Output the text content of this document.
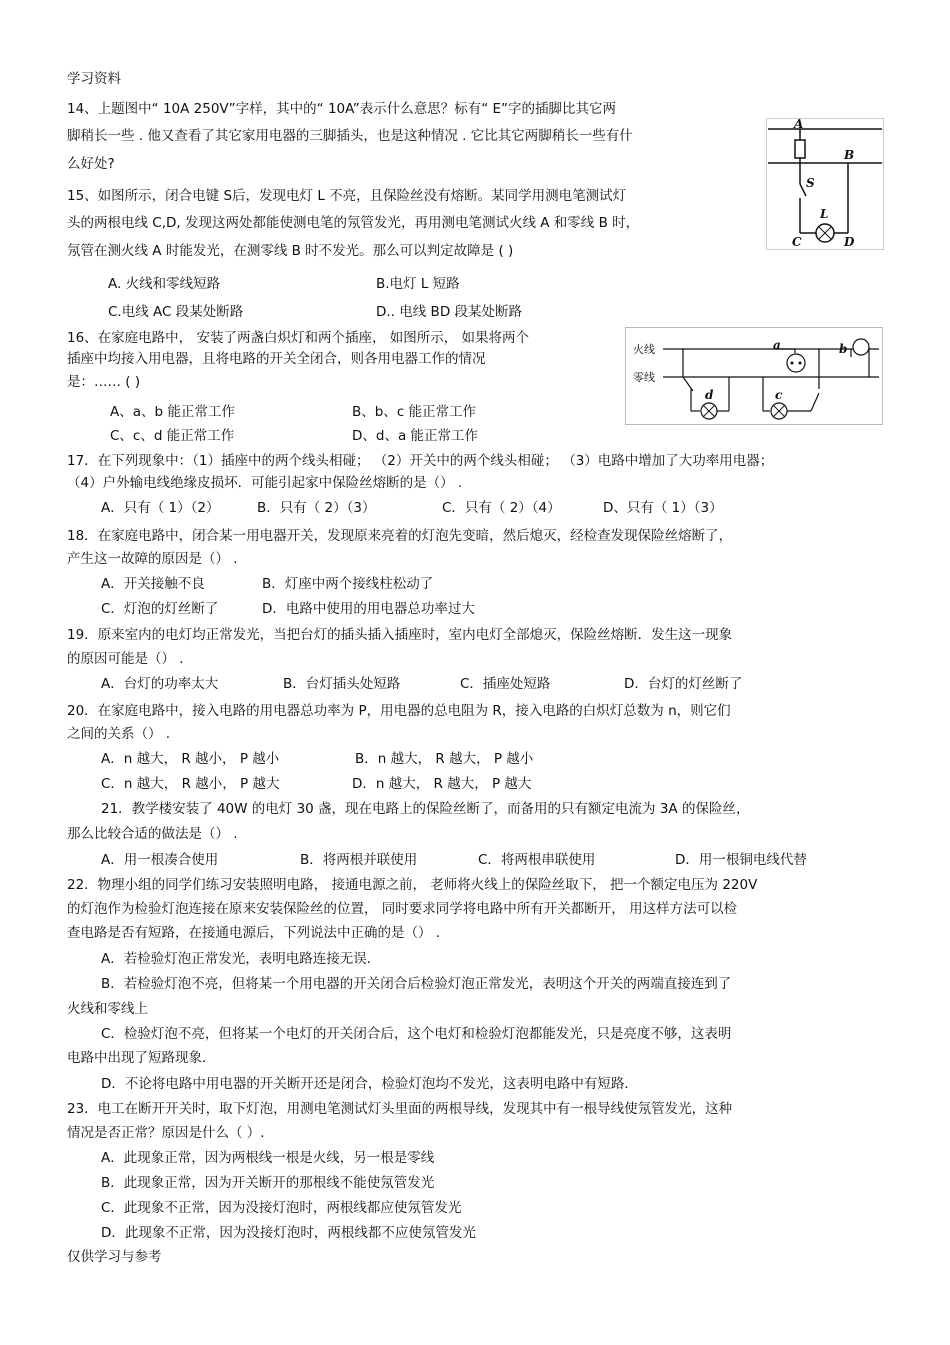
学习资料
14、上题图中“ 10A 250V”字样，其中的“ 10A”表示什么意思？标有“ E”字的插脚比其它两
脚稍长一些 . 他又查看了其它家用电器的三脚插头，也是这种情况 . 它比其它两脚稍长一些有什
么好处?
15、如图所示，闭合电键 S后，发现电灯 L 不亮，且保险丝没有熔断。某同学用测电笔测试灯
头的两根电线 C,D, 发现这两处都能使测电笔的氖管发光，再用测电笔测试火线 A 和零线 B 时，
氖管在测火线 A 时能发光，在测零线 B 时不发光。那么可以判定故障是 ( )
A. 火线和零线短路	B.电灯 L 短路
C.电线 AC 段某处断路	D.. 电线 BD 段某处断路
A
B
S
L
C	D
16、在家庭电路中， 安装了两盏白炽灯和两个插座， 如图所示， 如果将两个
插座中均接入用电器，且将电路的开关全闭合，则各用电器工作的情况
是：…… ( )
A、a、b 能正常工作	B、b、c 能正常工作
C、c、d 能正常工作	D、d、a 能正常工作
火线
零线
d
a
c
b
17．在下列现象中：（1）插座中的两个线头相碰； （2）开关中的两个线头相碰； （3）电路中增加了大功率用电器；
（4）户外输电线绝缘皮损坏．可能引起家中保险丝熔断的是（） .
A．只有（ 1）（2）	B．只有（ 2）（3）	C．只有（ 2）（4）	D、只有（ 1）（3）
18．在家庭电路中，闭合某一用电器开关，发现原来亮着的灯泡先变暗，然后熄灭，经检查发现保险丝熔断了，
产生这一故障的原因是（） .
A．开关接触不良	B．灯座中两个接线柱松动了
C．灯泡的灯丝断了	D．电路中使用的用电器总功率过大
19．原来室内的电灯均正常发光，当把台灯的插头插入插座时，室内电灯全部熄灭，保险丝熔断．发生这一现象
的原因可能是（） .
A．台灯的功率太大	B．台灯插头处短路	C．插座处短路	D．台灯的灯丝断了
20．在家庭电路中，接入电路的用电器总功率为 P，用电器的总电阻为 R，接入电路的白炽灯总数为 n，则它们
之间的关系（） .
A．n 越大， R 越小， P 越小	B．n 越大， R 越大， P 越小
C．n 越大， R 越小， P 越大	D．n 越大， R 越大， P 越大
21．教学楼安装了 40W 的电灯 30 盏，现在电路上的保险丝断了，而备用的只有额定电流为 3A 的保险丝，
那么比较合适的做法是（） .
A．用一根凑合使用	B．将两根并联使用	C．将两根串联使用	D．用一根铜电线代替
22．物理小组的同学们练习安装照明电路， 接通电源之前， 老师将火线上的保险丝取下， 把一个额定电压为 220V
的灯泡作为检验灯泡连接在原来安装保险丝的位置， 同时要求同学将电路中所有开关都断开， 用这样方法可以检
查电路是否有短路，在接通电源后，下列说法中正确的是（） .
A．若检验灯泡正常发光，表明电路连接无误．
B．若检验灯泡不亮，但将某一个用电器的开关闭合后检验灯泡正常发光，表明这个开关的两端直接连到了
火线和零线上
C．检验灯泡不亮，但将某一个电灯的开关闭合后，这个电灯和检验灯泡都能发光，只是亮度不够，这表明
电路中出现了短路现象．
D．不论将电路中用电器的开关断开还是闭合，检验灯泡均不发光，这表明电路中有短路．
23．电工在断开开关时，取下灯泡，用测电笔测试灯头里面的两根导线，发现其中有一根导线使氖管发光，这种
情况是否正常？原因是什么（ ）.
A．此现象正常，因为两根线一根是火线，另一根是零线
B．此现象正常，因为开关断开的那根线不能使氖管发光
C．此现象不正常，因为没接灯泡时，两根线都应使氖管发光
D．此现象不正常，因为没接灯泡时，两根线都不应使氖管发光
仅供学习与参考
